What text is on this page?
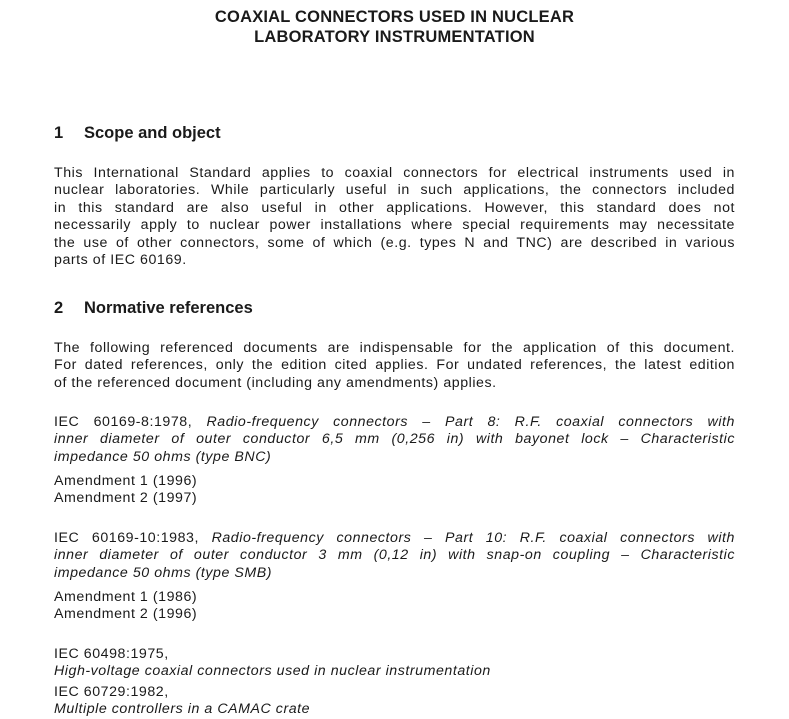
COAXIAL CONNECTORS USED IN NUCLEAR
LABORATORY INSTRUMENTATION
1 Scope and object

This International Standard applies to coaxial connectors for electrical instruments used in
nuclear laboratories. While particularly useful in such applications, the connectors included
in this standard are also useful in other applications. However, this standard does not
necessarily apply to nuclear power installations where special requirements may necessitate
the use of other connectors, some of which (e.g. types N and TNC) are described in various
parts of IEC 60169.

2 Normative references

The following referenced documents are indispensable for the application of this document.
For dated references, only the edition cited applies. For undated references, the latest edition
of the referenced document (including any amendments) applies.

IEC 60169-8:1978, Radio-frequency connectors – Part 8: R.F. coaxial connectors with
inner diameter of outer conductor 6,5 mm (0,256 in) with bayonet lock – Characteristic
impedance 50 ohms (type BNC)

Amendment 1 (1996)
Amendment 2 (1997)

IEC 60169-10:1983, Radio-frequency connectors – Part 10: R.F. coaxial connectors with
inner diameter of outer conductor 3 mm (0,12 in) with snap-on coupling – Characteristic
impedance 50 ohms (type SMB)

Amendment 1 (1986)
Amendment 2 (1996)

IEC 60498:1975,
High-voltage coaxial connectors used in nuclear instrumentation

IEC 60729:1982,
Multiple controllers in a CAMAC crate
